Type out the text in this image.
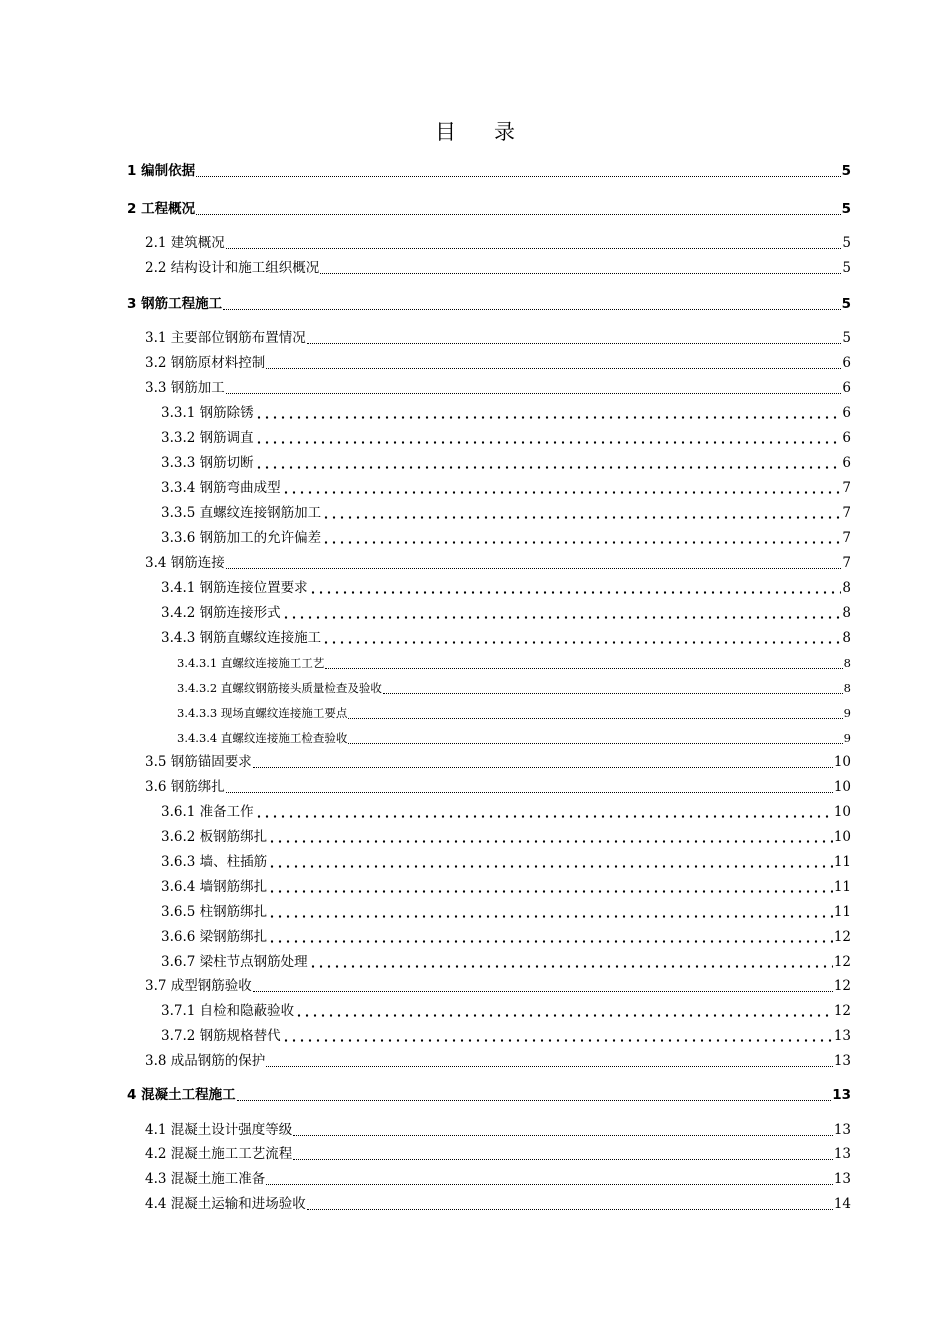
目 录
1 编制依据	5
2 工程概况	5
2.1 建筑概况	5
2.2 结构设计和施工组织概况	5
3 钢筋工程施工	5
3.1 主要部位钢筋布置情况	5
3.2 钢筋原材料控制	6
3.3 钢筋加工	6
3.3.1 钢筋除锈	6
3.3.2 钢筋调直	6
3.3.3 钢筋切断	6
3.3.4 钢筋弯曲成型	7
3.3.5 直螺纹连接钢筋加工	7
3.3.6 钢筋加工的允许偏差	7
3.4 钢筋连接	7
3.4.1 钢筋连接位置要求	8
3.4.2 钢筋连接形式	8
3.4.3 钢筋直螺纹连接施工	8
3.4.3.1 直螺纹连接施工工艺	8
3.4.3.2 直螺纹钢筋接头质量检查及验收	8
3.4.3.3 现场直螺纹连接施工要点	9
3.4.3.4 直螺纹连接施工检查验收	9
3.5 钢筋锚固要求	10
3.6 钢筋绑扎	10
3.6.1 准备工作	10
3.6.2 板钢筋绑扎	10
3.6.3 墙、柱插筋	11
3.6.4 墙钢筋绑扎	11
3.6.5 柱钢筋绑扎	11
3.6.6 梁钢筋绑扎	12
3.6.7 梁柱节点钢筋处理	12
3.7 成型钢筋验收	12
3.7.1 自检和隐蔽验收	12
3.7.2 钢筋规格替代	13
3.8 成品钢筋的保护	13
4 混凝土工程施工	13
4.1 混凝土设计强度等级	13
4.2 混凝土施工工艺流程	13
4.3 混凝土施工准备	13
4.4 混凝土运输和进场验收	14
